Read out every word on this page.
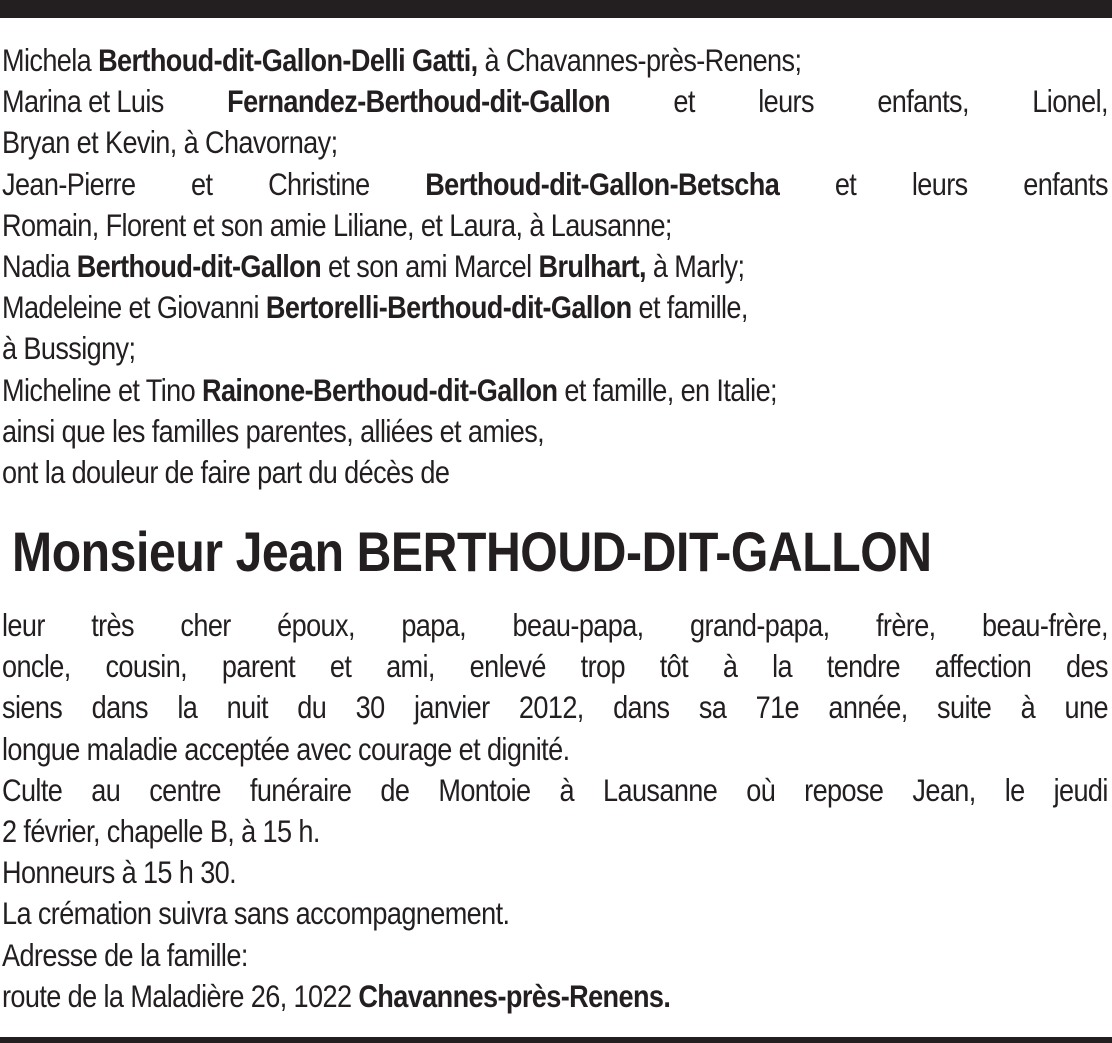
Michela Berthoud-dit-Gallon-Delli Gatti, à Chavannes-près-Renens;
Marina et Luis Fernandez-Berthoud-dit-Gallon et leurs enfants, Lionel,
Bryan et Kevin, à Chavornay;
Jean-Pierre et Christine Berthoud-dit-Gallon-Betscha et leurs enfants
Romain, Florent et son amie Liliane, et Laura, à Lausanne;
Nadia Berthoud-dit-Gallon et son ami Marcel Brulhart, à Marly;
Madeleine et Giovanni Bertorelli-Berthoud-dit-Gallon et famille,
à Bussigny;
Micheline et Tino Rainone-Berthoud-dit-Gallon et famille, en Italie;
ainsi que les familles parentes, alliées et amies,
ont la douleur de faire part du décès de
Monsieur Jean BERTHOUD-DIT-GALLON
leur très cher époux, papa, beau-papa, grand-papa, frère, beau-frère,
oncle, cousin, parent et ami, enlevé trop tôt à la tendre affection des
siens dans la nuit du 30 janvier 2012, dans sa 71e année, suite à une
longue maladie acceptée avec courage et dignité.
Culte au centre funéraire de Montoie à Lausanne où repose Jean, le jeudi
2 février, chapelle B, à 15 h.
Honneurs à 15 h 30.
La crémation suivra sans accompagnement.
Adresse de la famille:
route de la Maladière 26, 1022 Chavannes-près-Renens.
